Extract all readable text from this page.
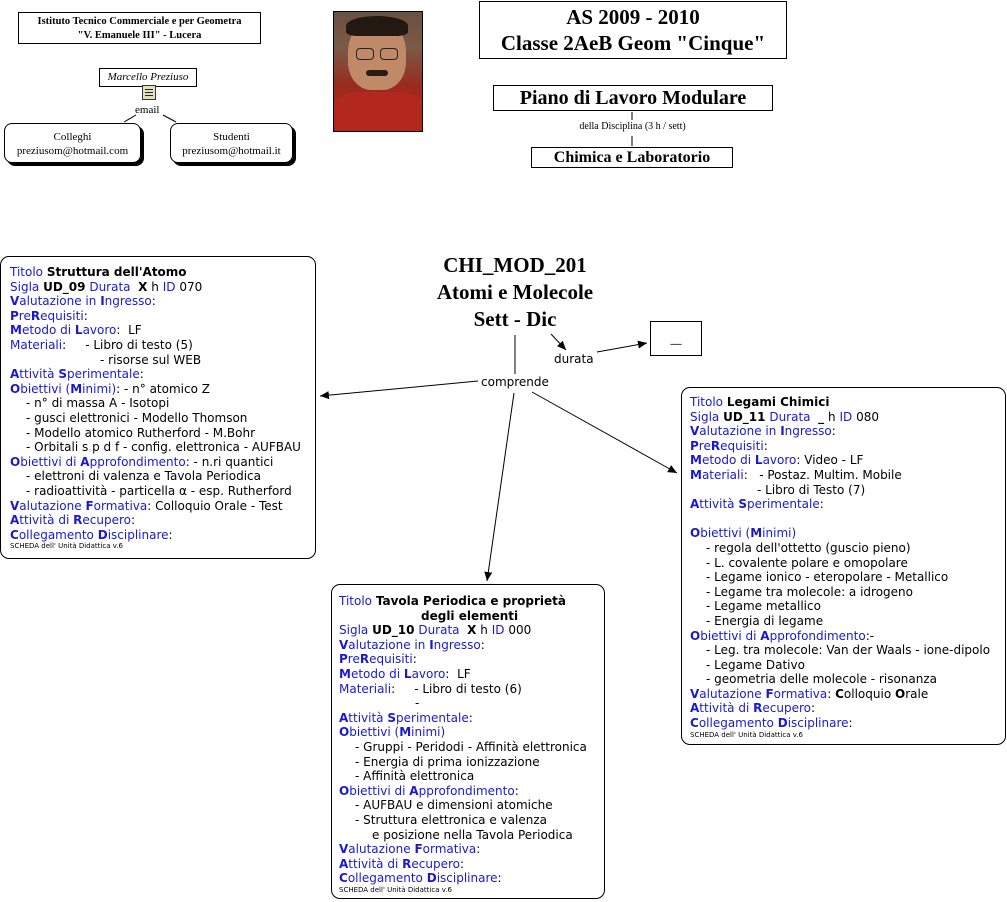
Istituto Tecnico Commerciale e per Geometra
"V. Emanuele III" - Lucera
Marcello Preziuso
email
Colleghi
preziusom@hotmail.com
Studenti
preziusom@hotmail.it
AS 2009 - 2010
Classe 2AeB Geom "Cinque"
Piano di Lavoro Modulare
della Disciplina (3 h / sett)
Chimica e Laboratorio
CHI_MOD_201
Atomi e Molecole
Sett - Dic
comprende
durata
__
Titolo Struttura dell'Atomo
Sigla UD_09 Durata X h ID 070
Valutazione in Ingresso:
PreRequisiti:
Metodo di Lavoro:  LF
Materiali:     - Libro di testo (5)
- risorse sul WEB
Attività Sperimentale:
Obiettivi (Minimi): - n° atomico Z
- n° di massa A - Isotopi
- gusci elettronici - Modello Thomson
- Modello atomico Rutherford - M.Bohr
- Orbitali s p d f - config. elettronica - AUFBAU
Obiettivi di Approfondimento: - n.ri quantici
- elettroni di valenza e Tavola Periodica
- radioattività - particella α - esp. Rutherford
Valutazione Formativa: Colloquio Orale - Test
Attività di Recupero:
Collegamento Disciplinare:
SCHEDA dell' Unità Didattica v.6
Titolo Tavola Periodica e proprietà
degli elementi
Sigla UD_10 Durata X h ID 000
Valutazione in Ingresso:
PreRequisiti:
Metodo di Lavoro:  LF
Materiali:     - Libro di testo (6)
-
Attività Sperimentale:
Obiettivi (Minimi)
- Gruppi - Peridodi - Affinità elettronica
- Energia di prima ionizzazione
- Affinità elettronica
Obiettivi di Approfondimento:
- AUFBAU e dimensioni atomiche
- Struttura elettronica e valenza
e posizione nella Tavola Periodica
Valutazione Formativa:
Attività di Recupero:
Collegamento Disciplinare:
SCHEDA dell' Unità Didattica v.6
Titolo Legami Chimici
Sigla UD_11 Durata _ h ID 080
Valutazione in Ingresso:
PreRequisiti:
Metodo di Lavoro: Video - LF
Materiali:   - Postaz. Multim. Mobile
- Libro di Testo (7)
Attività Sperimentale:

Obiettivi (Minimi)
- regola dell'ottetto (guscio pieno)
- L. covalente polare e omopolare
- Legame ionico - eteropolare - Metallico
- Legame tra molecole: a idrogeno
- Legame metallico
- Energia di legame
Obiettivi di Approfondimento:-
- Leg. tra molecole: Van der Waals - ione-dipolo
- Legame Dativo
- geometria delle molecole - risonanza
Valutazione Formativa: Colloquio Orale
Attività di Recupero:
Collegamento Disciplinare:
SCHEDA dell' Unità Didattica v.6
